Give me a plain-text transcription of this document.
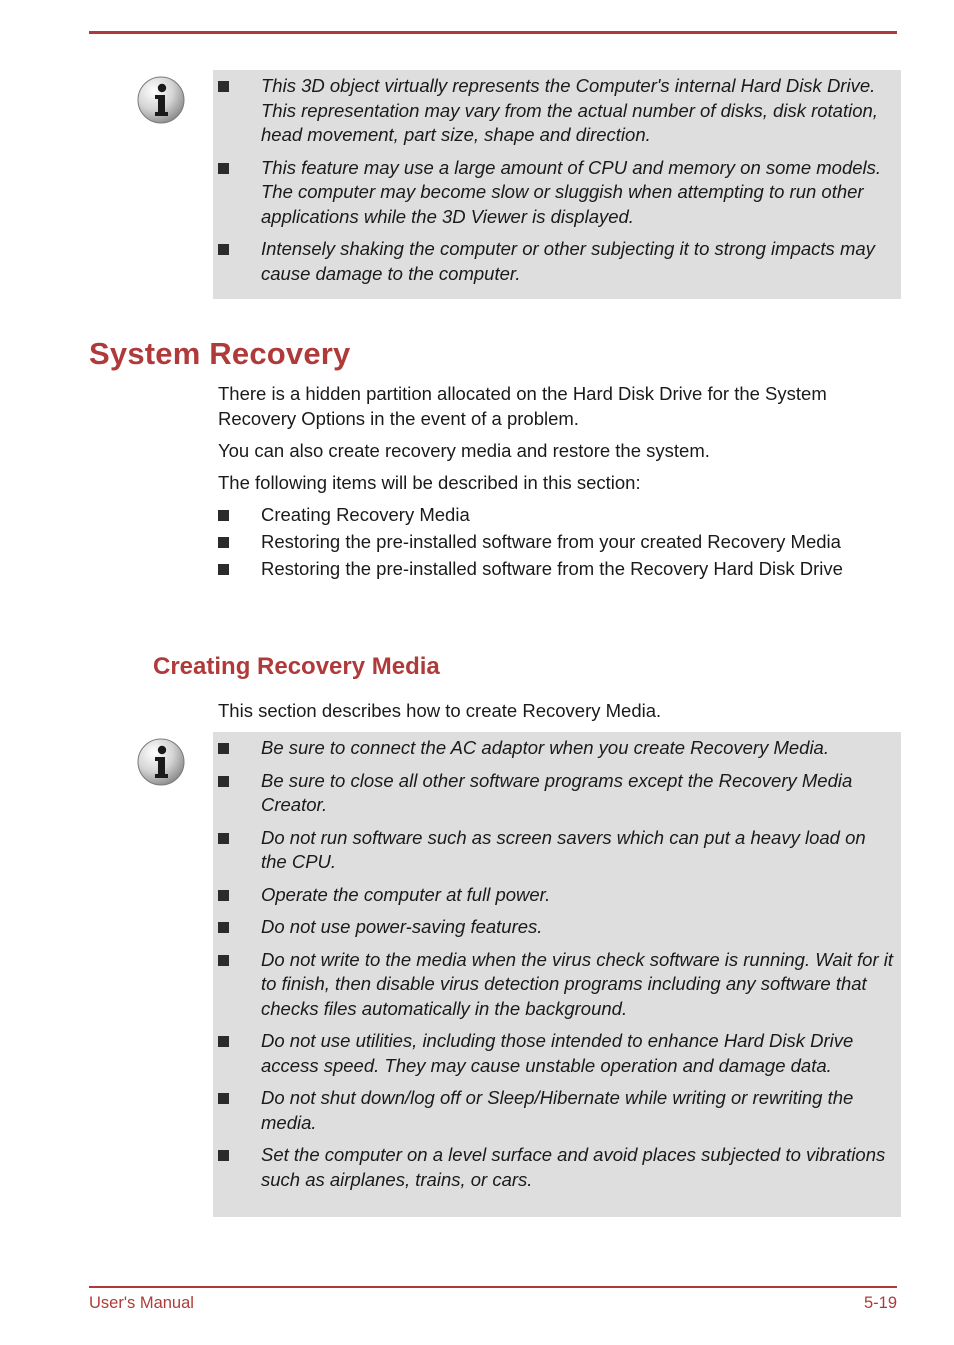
This 3D object virtually represents the Computer's internal Hard Disk Drive. This representation may vary from the actual number of disks, disk rotation, head movement, part size, shape and direction.
This feature may use a large amount of CPU and memory on some models. The computer may become slow or sluggish when attempting to run other applications while the 3D Viewer is displayed.
Intensely shaking the computer or other subjecting it to strong impacts may cause damage to the computer.
System Recovery

There is a hidden partition allocated on the Hard Disk Drive for the System Recovery Options in the event of a problem.

You can also create recovery media and restore the system.

The following items will be described in this section:

Creating Recovery Media
Restoring the pre-installed software from your created Recovery Media
Restoring the pre-installed software from the Recovery Hard Disk Drive
Creating Recovery Media

This section describes how to create Recovery Media.

Be sure to connect the AC adaptor when you create Recovery Media.
Be sure to close all other software programs except the Recovery Media Creator.
Do not run software such as screen savers which can put a heavy load on the CPU.
Operate the computer at full power.
Do not use power-saving features.
Do not write to the media when the virus check software is running. Wait for it to finish, then disable virus detection programs including any software that checks files automatically in the background.
Do not use utilities, including those intended to enhance Hard Disk Drive access speed. They may cause unstable operation and damage data.
Do not shut down/log off or Sleep/Hibernate while writing or rewriting the media.
Set the computer on a level surface and avoid places subjected to vibrations such as airplanes, trains, or cars.
User's Manual	5-19
